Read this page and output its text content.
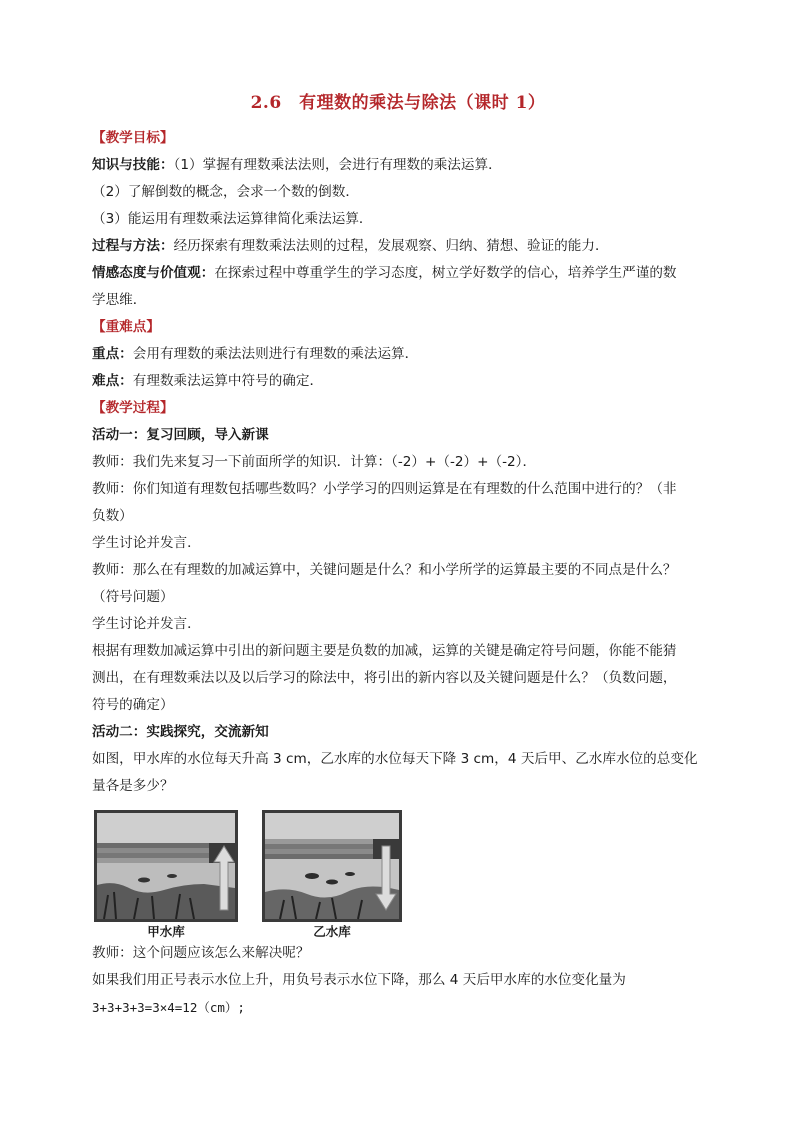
2.6　有理数的乘法与除法（课时 1）

【教学目标】

知识与技能：（1）掌握有理数乘法法则，会进行有理数的乘法运算．

（2）了解倒数的概念，会求一个数的倒数．

（3）能运用有理数乘法运算律简化乘法运算．

过程与方法：经历探索有理数乘法法则的过程，发展观察、归纳、猜想、验证的能力．

情感态度与价值观：在探索过程中尊重学生的学习态度，树立学好数学的信心，培养学生严谨的数

学思维．

【重难点】

重点：会用有理数的乘法法则进行有理数的乘法运算．

难点：有理数乘法运算中符号的确定．

【教学过程】

活动一：复习回顾，导入新课

教师：我们先来复习一下前面所学的知识．计算：（-2）+（-2）+（-2）．

教师：你们知道有理数包括哪些数吗？小学学习的四则运算是在有理数的什么范围中进行的？（非

负数）

学生讨论并发言．

教师：那么在有理数的加减运算中，关键问题是什么？和小学所学的运算最主要的不同点是什么？

（符号问题）

学生讨论并发言．

根据有理数加减运算中引出的新问题主要是负数的加减，运算的关键是确定符号问题，你能不能猜

测出，在有理数乘法以及以后学习的除法中，将引出的新内容以及关键问题是什么？（负数问题，

符号的确定）

活动二：实践探究，交流新知

如图，甲水库的水位每天升高 3 cm，乙水库的水位每天下降 3 cm，4 天后甲、乙水库水位的总变化

量各是多少？

甲水库	乙水库

教师：这个问题应该怎么来解决呢？

如果我们用正号表示水位上升，用负号表示水位下降，那么 4 天后甲水库的水位变化量为

3+3+3+3=3×4=12（cm）;
